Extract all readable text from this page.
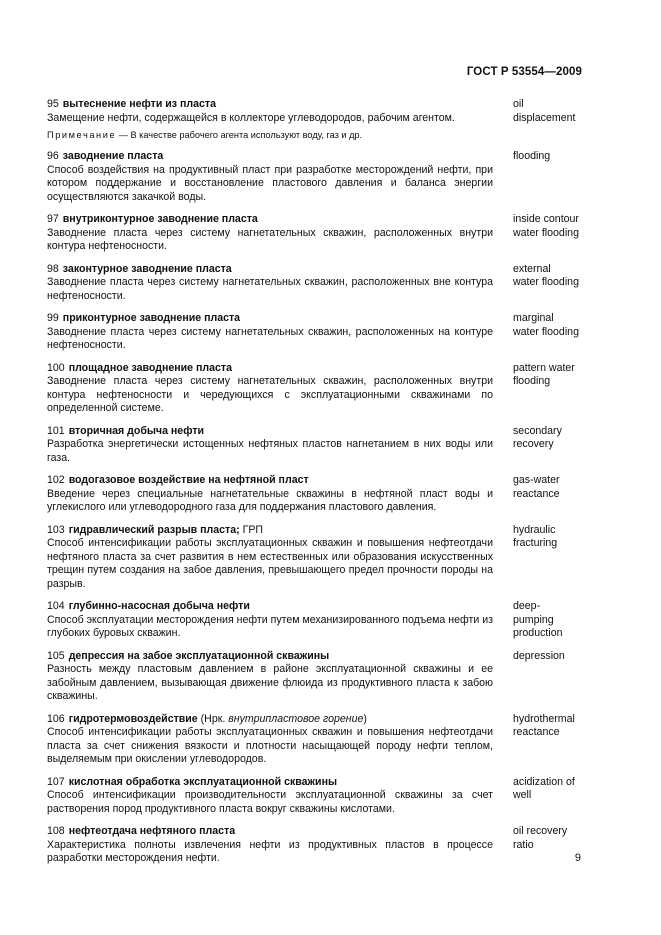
ГОСТ Р 53554—2009
95 вытеснение нефти из пласта
Замещение нефти, содержащейся в коллекторе углеводородов, рабочим агентом.
oil
displacement
Примечание — В качестве рабочего агента используют воду, газ и др.
96 заводнение пласта
Способ воздействия на продуктивный пласт при разработке месторождений нефти, при котором поддержание и восстановление пластового давления и баланса энергии осуществляются закачкой воды.
flooding
97 внутриконтурное заводнение пласта
Заводнение пласта через систему нагнетательных скважин, расположенных внутри контура нефтеносности.
inside contour
water flooding
98 законтурное заводнение пласта
Заводнение пласта через систему нагнетательных скважин, расположенных вне контура нефтеносности.
external
water flooding
99 приконтурное заводнение пласта
Заводнение пласта через систему нагнетательных скважин, расположенных на контуре нефтеносности.
marginal
water flooding
100 площадное заводнение пласта
Заводнение пласта через систему нагнетательных скважин, расположенных внутри контура нефтеносности и чередующихся с эксплуатационными скважинами по определенной системе.
pattern water
flooding
101 вторичная добыча нефти
Разработка энергетически истощенных нефтяных пластов нагнетанием в них воды или газа.
secondary
recovery
102 водогазовое воздействие на нефтяной пласт
Введение через специальные нагнетательные скважины в нефтяной пласт воды и углекислого или углеводородного газа для поддержания пластового давления.
gas-water
reactance
103 гидравлический разрыв пласта; ГРП
Способ интенсификации работы эксплуатационных скважин и повышения нефтеотдачи нефтяного пласта за счет развития в нем естественных или образования искусственных трещин путем создания на забое давления, превышающего предел прочности породы на разрыв.
hydraulic
fracturing
104 глубинно-насосная добыча нефти
Способ эксплуатации месторождения нефти путем механизированного подъема нефти из глубоких буровых скважин.
deep-
pumping
production
105 депрессия на забое эксплуатационной скважины
Разность между пластовым давлением в районе эксплуатационной скважины и ее забойным давлением, вызывающая движение флюида из продуктивного пласта к забою скважины.
depression
106 гидротермовоздействие (Нрк. внутрипластовое горение)
Способ интенсификации работы эксплуатационных скважин и повышения нефтеотдачи пласта за счет снижения вязкости и плотности насыщающей породу нефти теплом, выделяемым при окислении углеводородов.
hydrothermal
reactance
107 кислотная обработка эксплуатационной скважины
Способ интенсификации производительности эксплуатационной скважины за счет растворения пород продуктивного пласта вокруг скважины кислотами.
acidization of
well
108 нефтеотдача нефтяного пласта
Характеристика полноты извлечения нефти из продуктивных пластов в процессе разработки месторождения нефти.
oil recovery
ratio
9
